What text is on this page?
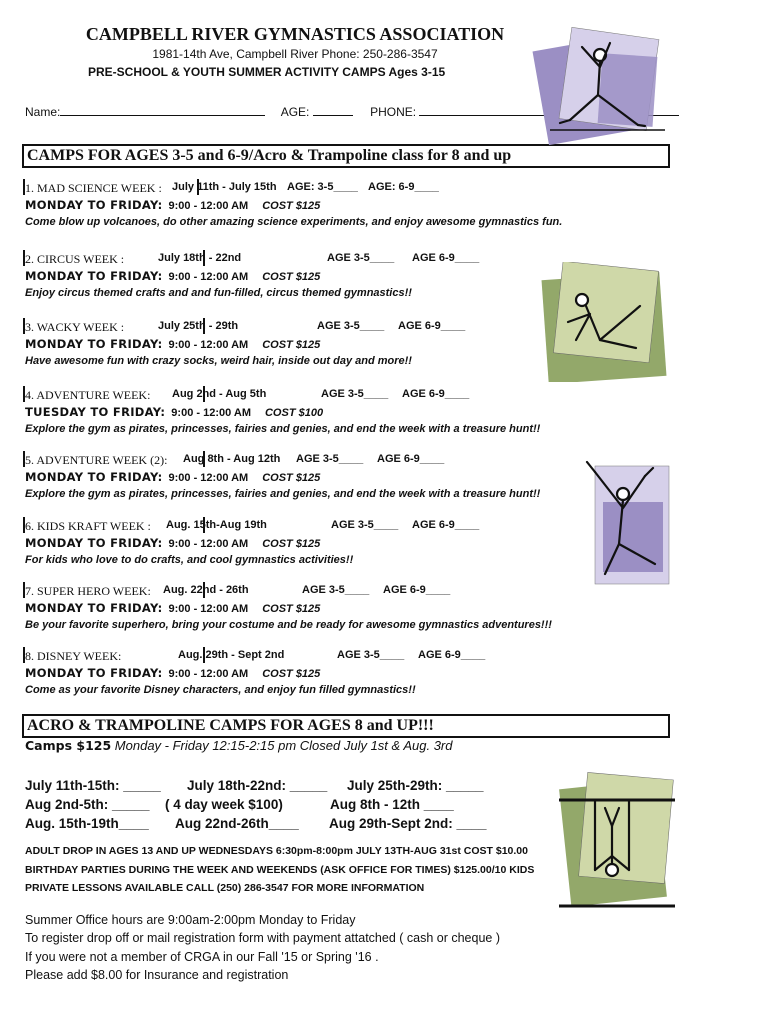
CAMPBELL RIVER GYMNASTICS ASSOCIATION
1981-14th Ave, Campbell River Phone: 250-286-3547
PRE-SCHOOL & YOUTH SUMMER ACTIVITY CAMPS Ages 3-15
Name:	AGE:	PHONE:
CAMPS FOR AGES 3-5 and 6-9/Acro & Trampoline class for 8 and up
1. MAD SCIENCE WEEK : July 11th - July 15th AGE: 3-5____ AGE: 6-9____
MONDAY TO FRIDAY: 9:00 - 12:00 AM COST $125
Come blow up volcanoes, do other amazing science experiments, and enjoy awesome gymnastics fun.
2. CIRCUS WEEK :	July 18th - 22nd	AGE 3-5____ AGE 6-9____
MONDAY TO FRIDAY: 9:00 - 12:00 AM COST $125
Enjoy circus themed crafts and and fun-filled, circus themed gymnastics!!
3. WACKY WEEK :	July 25th - 29th	AGE 3-5____ AGE 6-9____
MONDAY TO FRIDAY: 9:00 - 12:00 AM COST $125
Have awesome fun with crazy socks, weird hair, inside out day and more!!
4. ADVENTURE WEEK: Aug 2nd - Aug 5th	AGE 3-5____ AGE 6-9____
TUESDAY TO FRIDAY: 9:00 - 12:00 AM COST $100
Explore the gym as pirates, princesses, fairies and genies, and end the week with a treasure hunt!!
5. ADVENTURE WEEK (2): Aug 8th - Aug 12th AGE 3-5____ AGE 6-9____
MONDAY TO FRIDAY: 9:00 - 12:00 AM COST $125
Explore the gym as pirates, princesses, fairies and genies, and end the week with a treasure hunt!!
6. KIDS KRAFT WEEK : Aug. 15th-Aug 19th	AGE 3-5____ AGE 6-9____
MONDAY TO FRIDAY: 9:00 - 12:00 AM COST $125
For kids who love to do crafts, and cool gymnastics activities!!
7. SUPER HERO WEEK: Aug. 22nd - 26th	AGE 3-5____ AGE 6-9____
MONDAY TO FRIDAY: 9:00 - 12:00 AM COST $125
Be your favorite superhero, bring your costume and be ready for awesome gymnastics adventures!!!
8. DISNEY WEEK:	Aug. 29th - Sept 2nd	AGE 3-5____ AGE 6-9____
MONDAY TO FRIDAY: 9:00 - 12:00 AM COST $125
Come as your favorite Disney characters, and enjoy fun filled gymnastics!!
ACRO & TRAMPOLINE CAMPS FOR AGES 8 and UP!!!
Camps $125 Monday - Friday 12:15-2:15 pm Closed July 1st & Aug. 3rd
July 11th-15th: _____ July 18th-22nd: _____ July 25th-29th: _____
Aug 2nd-5th: _____ ( 4 day week $100)	Aug 8th - 12th ____
Aug. 15th-19th____ Aug 22nd-26th____ Aug 29th-Sept 2nd: ____
ADULT DROP IN AGES 13 AND UP WEDNESDAYS 6:30pm-8:00pm JULY 13TH-AUG 31st COST $10.00
BIRTHDAY PARTIES DURING THE WEEK AND WEEKENDS (ASK OFFICE FOR TIMES) $125.00/10 KIDS
PRIVATE LESSONS AVAILABLE CALL (250) 286-3547 FOR MORE INFORMATION
Summer Office hours are 9:00am-2:00pm Monday to Friday
To register drop off or mail registration form with payment attatched ( cash or cheque )
If you were not a member of CRGA in our Fall '15 or Spring '16 .
Please add $8.00 for Insurance and registration
